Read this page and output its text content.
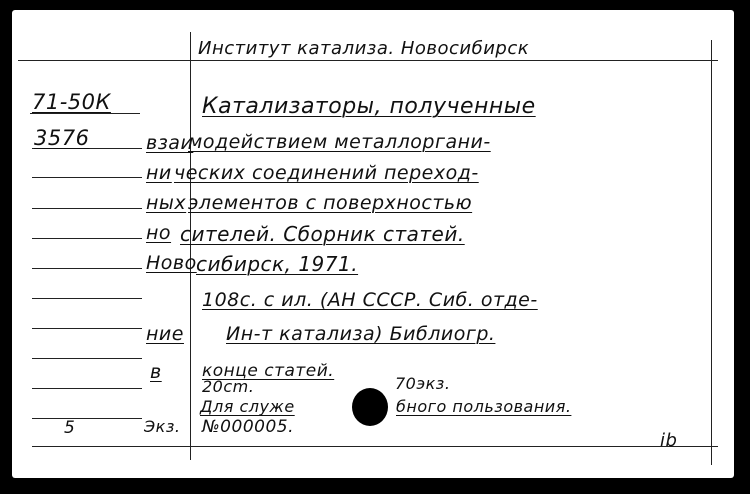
Институт катализа. Новосибирск
71-50К
3576
5
взаи
ни
ных
но
Ново
ние
в
Катализаторы, полученные
модействием металлоргани-
ческих соединений переход-
элементов с поверхностью
сителей. Сборник статей.
сибирск, 1971.
108с. с ил. (АН СССР. Сиб. отде-
Ин-т катализа) Библиогр.
конце статей.
20cm.	70экз.
Для служе	бного пользования.
Экз. №000005.
ib
